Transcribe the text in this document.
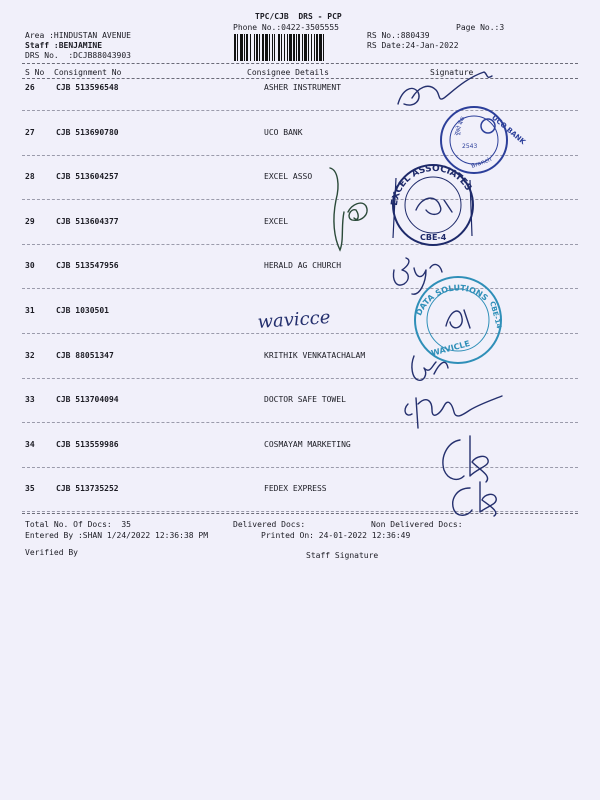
TPC/CJB  DRS - PCP
Phone No.:0422-3505555	Page No.:3
Area :HINDUSTAN AVENUE
Staff :BENJAMINE
DRS No.  :DCJB88043903
RS No.:880439
RS Date:24-Jan-2022
S No Consignment No	Consignee Details	Signature
26	CJB 513596548	ASHER INSTRUMENT
27	CJB 513690780	UCO BANK
28	CJB 513604257	EXCEL ASSO
29	CJB 513604377	EXCEL
30	CJB 513547956	HERALD AG CHURCH
31	CJB 1030501
32	CJB 88051347	KRITHIK VENKATACHALAM
33	CJB 513704094	DOCTOR SAFE TOWEL
34	CJB 513559986	COSMAYAM MARKETING
35	CJB 513735252	FEDEX EXPRESS
Total No. Of Docs:  35	Delivered Docs:	Non Delivered Docs:
Entered By :SHAN 1/24/2022 12:36:38 PM	Printed On: 24-01-2022 12:36:49
Verified By	Staff Signature
UCO BANK
यूको बैंक
2543
Branch
EXCEL ASSOCIATES
CBE-4
wavicce	DATA SOLUTIONS
CBE-14
WAVICLE
